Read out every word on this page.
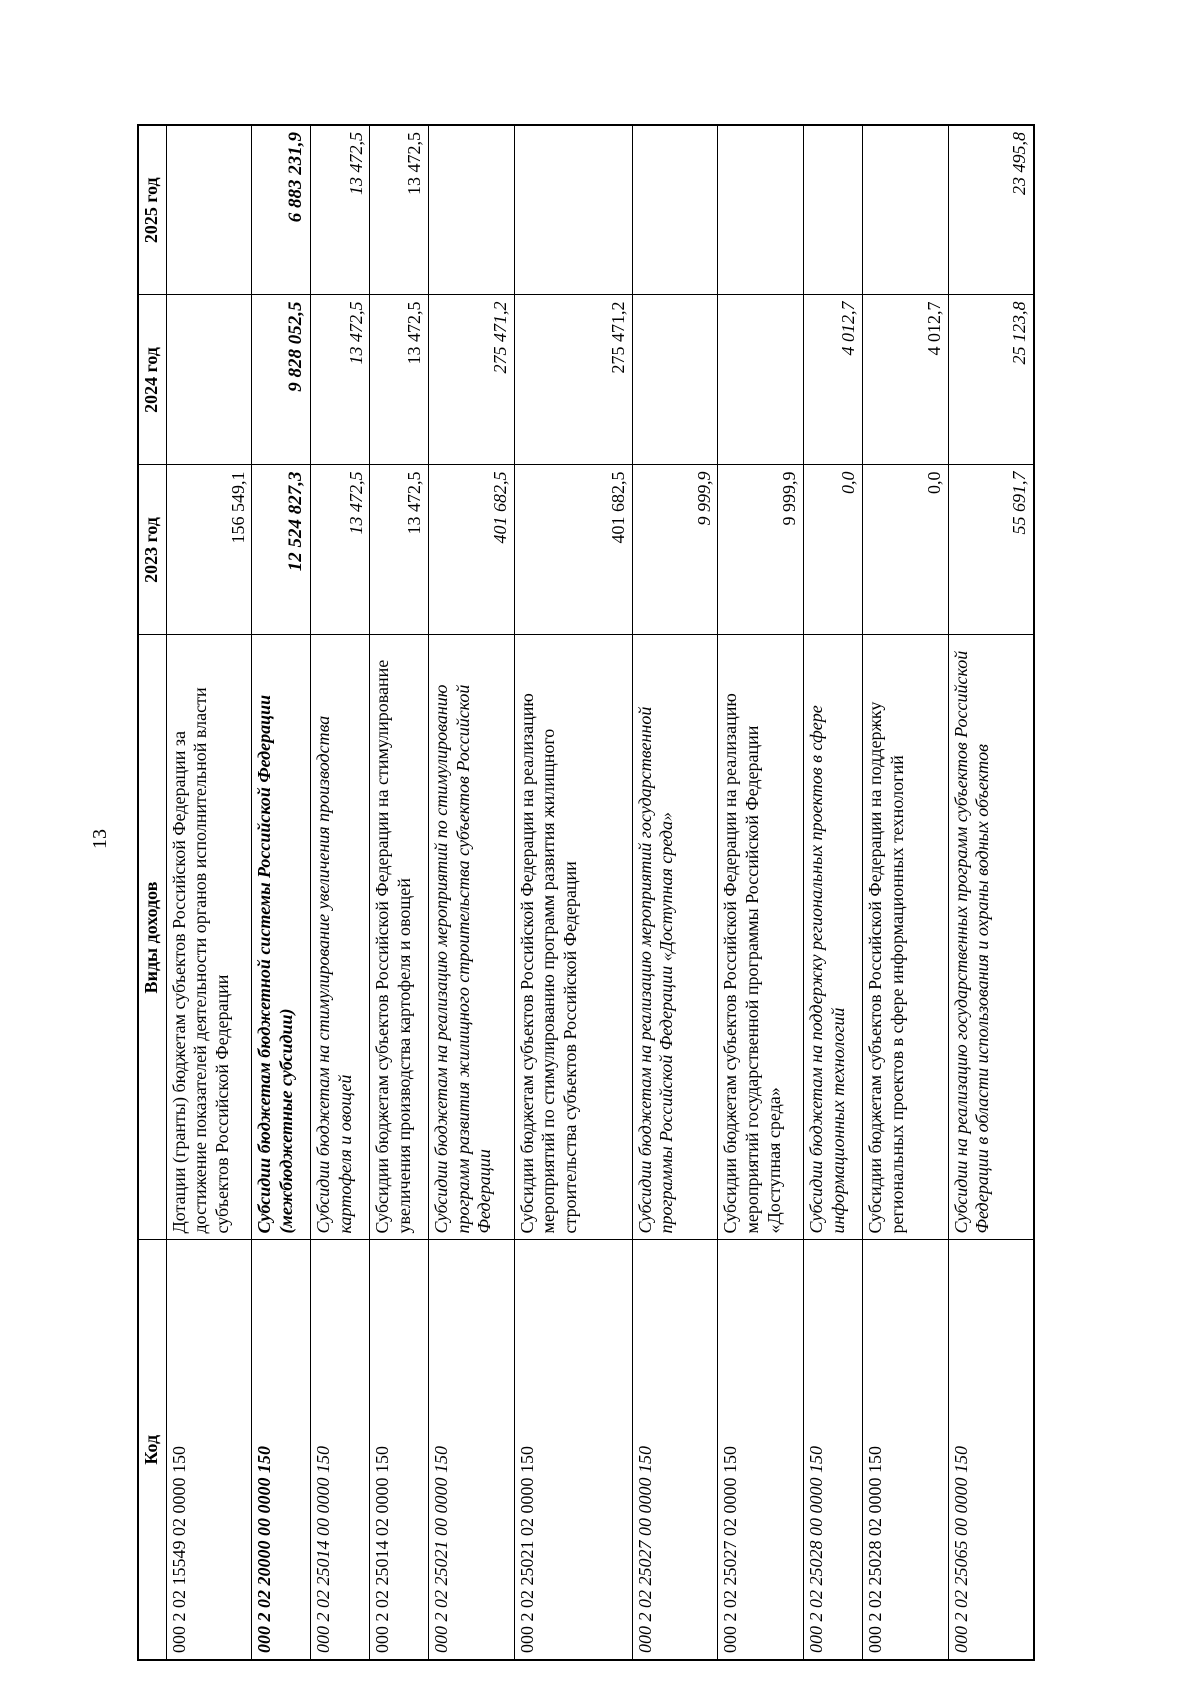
13
Код	Виды доходов	2023 год	2024 год	2025 год
000 2 02 15549 02 0000 150	Дотации (гранты) бюджетам субъектов Российской Федерации за достижение показателей деятельности органов исполнительной власти субъектов Российской Федерации	156 549,1		
000 2 02 20000 00 0000 150	Субсидии бюджетам бюджетной системы Российской Федерации (межбюджетные субсидии)	12 524 827,3	9 828 052,5	6 883 231,9
000 2 02 25014 00 0000 150	Субсидии бюджетам на стимулирование увеличения производства картофеля и овощей	13 472,5	13 472,5	13 472,5
000 2 02 25014 02 0000 150	Субсидии бюджетам субъектов Российской Федерации на стимулирование увеличения производства картофеля и овощей	13 472,5	13 472,5	13 472,5
000 2 02 25021 00 0000 150	Субсидии бюджетам на реализацию мероприятий по стимулированию программ развития жилищного строительства субъектов Российской Федерации	401 682,5	275 471,2	
000 2 02 25021 02 0000 150	Субсидии бюджетам субъектов Российской Федерации на реализацию мероприятий по стимулированию программ развития жилищного строительства субъектов Российской Федерации	401 682,5	275 471,2	
000 2 02 25027 00 0000 150	Субсидии бюджетам на реализацию мероприятий государственной программы Российской Федерации «Доступная среда»	9 999,9		
000 2 02 25027 02 0000 150	Субсидии бюджетам субъектов Российской Федерации на реализацию мероприятий государственной программы Российской Федерации «Доступная среда»	9 999,9		
000 2 02 25028 00 0000 150	Субсидии бюджетам на поддержку региональных проектов в сфере информационных технологий	0,0	4 012,7	
000 2 02 25028 02 0000 150	Субсидии бюджетам субъектов Российской Федерации на поддержку региональных проектов в сфере информационных технологий	0,0	4 012,7	
000 2 02 25065 00 0000 150	Субсидии на реализацию государственных программ субъектов Российской Федерации в области использования и охраны водных объектов	55 691,7	25 123,8	23 495,8
